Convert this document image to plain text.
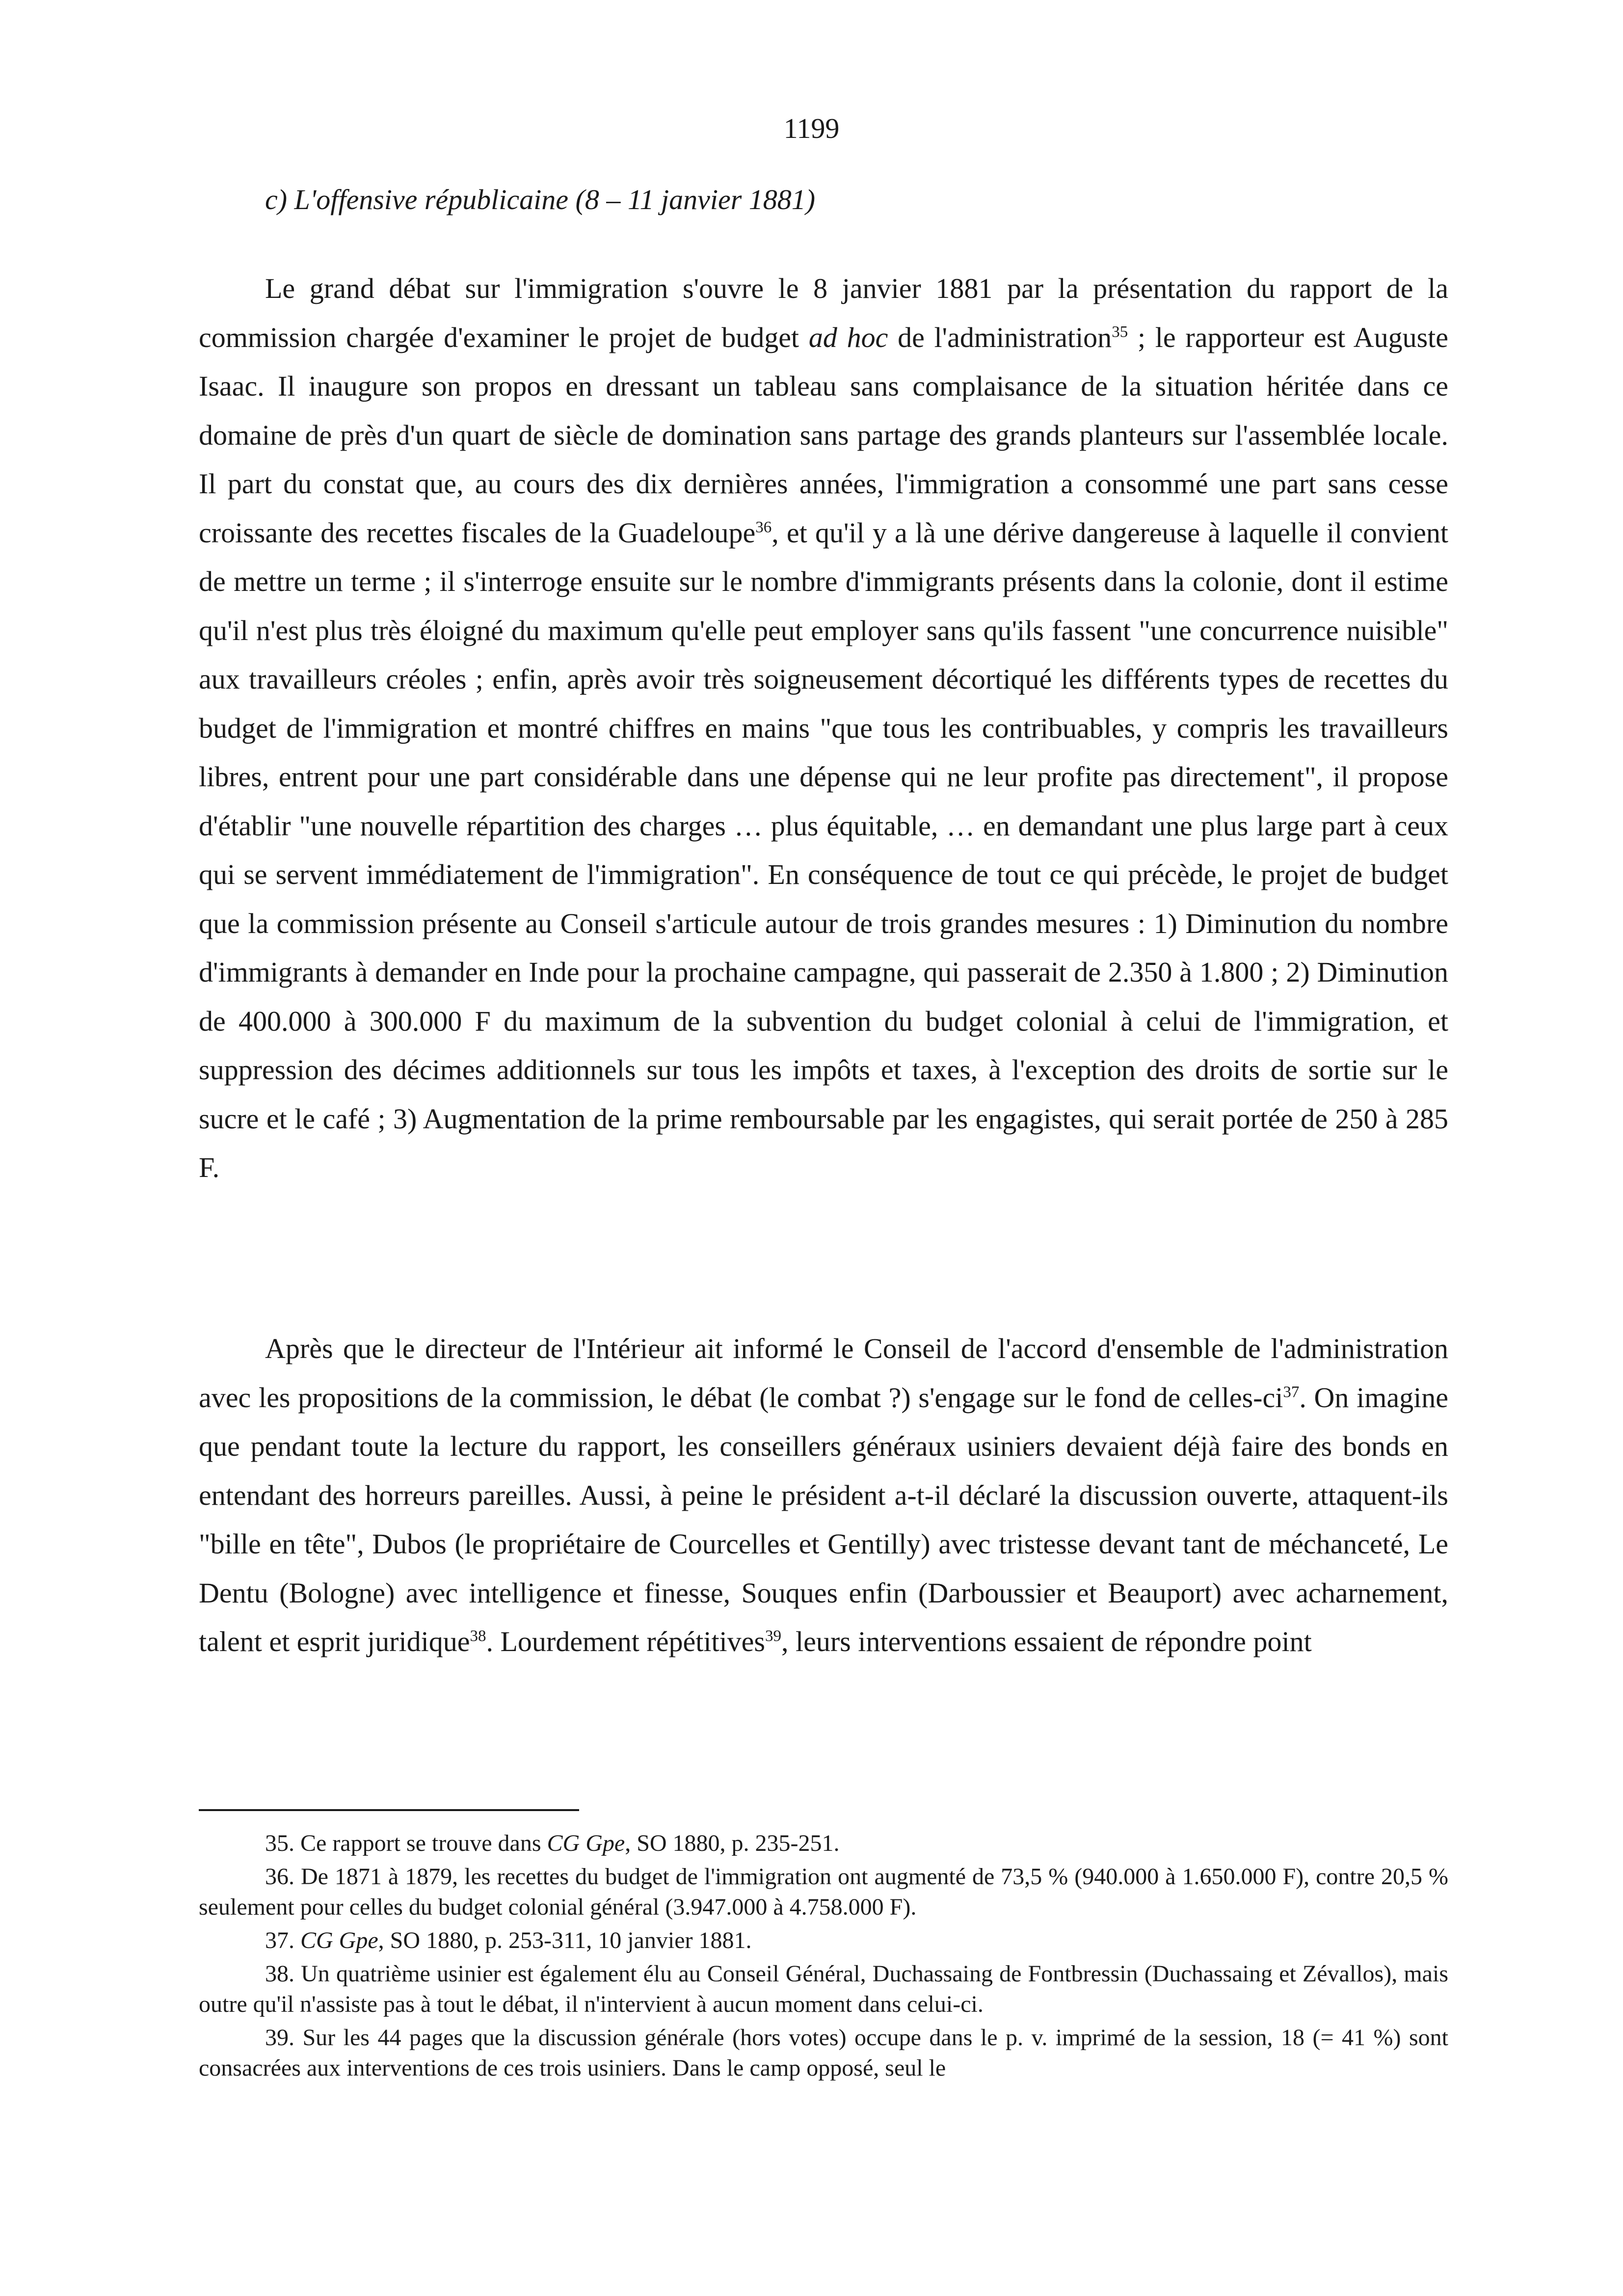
1199
c) L'offensive républicaine (8 – 11 janvier 1881)

Le grand débat sur l'immigration s'ouvre le 8 janvier 1881 par la présentation du rapport de la commission chargée d'examiner le projet de budget ad hoc de l'administration$^{35}$ ; le rapporteur est Auguste Isaac. Il inaugure son propos en dressant un tableau sans complaisance de la situation héritée dans ce domaine de près d'un quart de siècle de domination sans partage des grands planteurs sur l'assemblée locale. Il part du constat que, au cours des dix dernières années, l'immigration a consommé une part sans cesse croissante des recettes fiscales de la Guadeloupe$^{36}$, et qu'il y a là une dérive dangereuse à laquelle il convient de mettre un terme ; il s'interroge ensuite sur le nombre d'immigrants présents dans la colonie, dont il estime qu'il n'est plus très éloigné du maximum qu'elle peut employer sans qu'ils fassent "une concurrence nuisible" aux travailleurs créoles ; enfin, après avoir très soigneusement décortiqué les différents types de recettes du budget de l'immigration et montré chiffres en mains "que tous les contribuables, y compris les travailleurs libres, entrent pour une part considérable dans une dépense qui ne leur profite pas directement", il propose d'établir "une nouvelle répartition des charges … plus équitable, … en demandant une plus large part à ceux qui se servent immédiatement de l'immigration". En conséquence de tout ce qui précède, le projet de budget que la commission présente au Conseil s'articule autour de trois grandes mesures : 1) Diminution du nombre d'immigrants à demander en Inde pour la prochaine campagne, qui passerait de 2.350 à 1.800 ; 2) Diminution de 400.000 à 300.000 F du maximum de la subvention du budget colonial à celui de l'immigration, et suppression des décimes additionnels sur tous les impôts et taxes, à l'exception des droits de sortie sur le sucre et le café ; 3) Augmentation de la prime remboursable par les engagistes, qui serait portée de 250 à 285 F.

Après que le directeur de l'Intérieur ait informé le Conseil de l'accord d'ensemble de l'administration avec les propositions de la commission, le débat (le combat ?) s'engage sur le fond de celles-$ci^{37}$. On imagine que pendant toute la lecture du rapport, les conseillers généraux usiniers devaient déjà faire des bonds en entendant des horreurs pareilles. Aussi, à peine le président a-t-il déclaré la discussion ouverte, attaquent-ils "bille en tête", Dubos (le propriétaire de Courcelles et Gentilly) avec tristesse devant tant de méchanceté, Le Dentu (Bologne) avec intelligence et finesse, Souques enfin (Darboussier et Beauport) avec acharnement, talent et esprit juridique$^{38}$. Lourdement répétitives$^{39}$, leurs interventions essaient de répondre point

35. Ce rapport se trouve dans CG Gpe, SO 1880, p. 235-251.

36. De 1871 à 1879, les recettes du budget de l'immigration ont augmenté de 73,5 % (940.000 à 1.650.000 F), contre 20,5 % seulement pour celles du budget colonial général (3.947.000 à 4.758.000 F).

37. CG Gpe, SO 1880, p. 253-311, 10 janvier 1881.

38. Un quatrième usinier est également élu au Conseil Général, Duchassaing de Fontbressin (Duchassaing et Zévallos), mais outre qu'il n'assiste pas à tout le débat, il n'intervient à aucun moment dans celui-ci.

39. Sur les 44 pages que la discussion générale (hors votes) occupe dans le p. v. imprimé de la session, 18 (= 41 %) sont consacrées aux interventions de ces trois usiniers. Dans le camp opposé, seul le
